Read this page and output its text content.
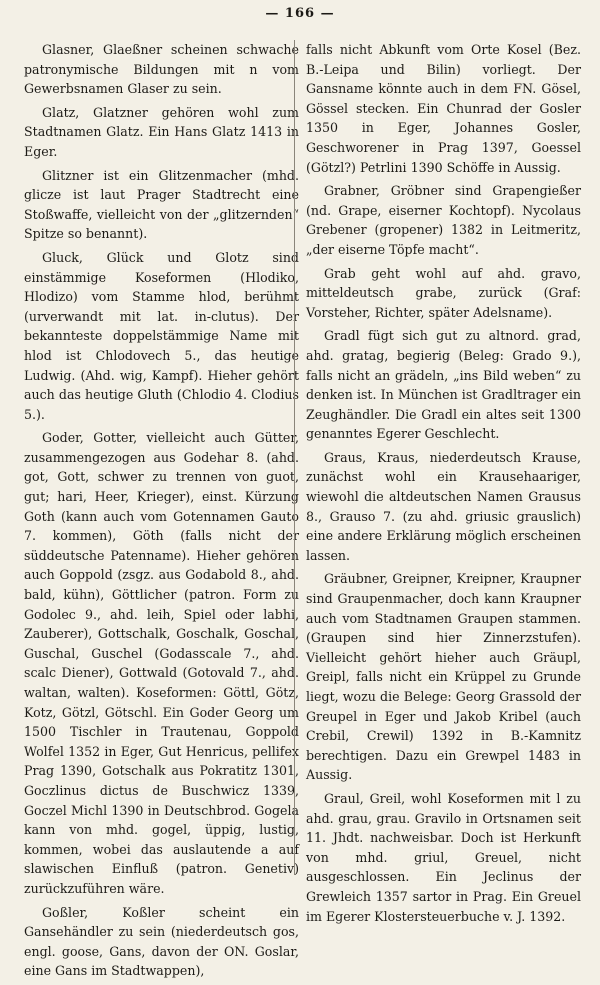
— 166 —

Glasner, Glaeßner scheinen schwache patronymische Bildungen mit n vom Gewerbsnamen Glaser zu sein.

Glatz, Glatzner gehören wohl zum Stadtnamen Glatz. Ein Hans Glatz 1413 in Eger.

Glitzner ist ein Glitzenmacher (mhd. glicze ist laut Prager Stadtrecht eine Stoßwaffe, vielleicht von der „glitzernden“ Spitze so benannt).

Gluck, Glück und Glotz sind einstämmige Koseformen (Hlodiko, Hlodizo) vom Stamme hlod, berühmt (urverwandt mit lat. in-clutus). Der bekannteste doppelstämmige Name mit hlod ist Chlodovech 5., das heutige Ludwig. (Ahd. wig, Kampf). Hieher gehört auch das heutige Gluth (Chlodio 4. Clodius 5.).

Goder, Gotter, vielleicht auch Gütter, zusammengezogen aus Godehar 8. (ahd. got, Gott, schwer zu trennen von guot, gut; hari, Heer, Krieger), einst. Kürzung Goth (kann auch vom Gotennamen Gauto 7. kommen), Göth (falls nicht der süddeutsche Patenname). Hieher gehören auch Goppold (zsgz. aus Godabold 8., ahd. bald, kühn), Göttlicher (patron. Form zu Godolec 9., ahd. leih, Spiel oder labhi, Zauberer), Gottschalk, Goschalk, Goschal, Guschal, Guschel (Godasscale 7., ahd. scalc Diener), Gottwald (Gotovald 7., ahd. waltan, walten). Koseformen: Göttl, Götz, Kotz, Götzl, Götschl. Ein Goder Georg um 1500 Tischler in Trautenau, Goppold Wolfel 1352 in Eger, Gut Henricus, pellifex Prag 1390, Gotschalk aus Pokratitz 1301, Goczlinus dictus de Buschwicz 1339, Goczel Michl 1390 in Deutschbrod. Gogela kann von mhd. gogel, üppig, lustig, kommen, wobei das auslautende a auf slawischen Einfluß (patron. Genetiv) zurückzuführen wäre.

Goßler, Koßler scheint ein Gansehändler zu sein (niederdeutsch gos, engl. goose, Gans, davon der ON. Goslar, eine Gans im Stadtwappen),

falls nicht Abkunft vom Orte Kosel (Bez. B.-Leipa und Bilin) vorliegt. Der Gansname könnte auch in dem FN. Gösel, Gössel stecken. Ein Chunrad der Gosler 1350 in Eger, Johannes Gosler, Geschworener in Prag 1397, Goessel (Götzl?) Petrlini 1390 Schöffe in Aussig.

Grabner, Gröbner sind Grapengießer (nd. Grape, eiserner Kochtopf). Nycolaus Grebener (gropener) 1382 in Leitmeritz, „der eiserne Töpfe macht“.

Grab geht wohl auf ahd. gravo, mitteldeutsch grabe, zurück (Graf: Vorsteher, Richter, später Adelsname).

Gradl fügt sich gut zu altnord. grad, ahd. gratag, begierig (Beleg: Grado 9.), falls nicht an grädeln, „ins Bild weben“ zu denken ist. In München ist Gradltrager ein Zeughändler. Die Gradl ein altes seit 1300 genanntes Egerer Geschlecht.

Graus, Kraus, niederdeutsch Krause, zunächst wohl ein Krausehaariger, wiewohl die altdeutschen Namen Grausus 8., Grauso 7. (zu ahd. griusic grauslich) eine andere Erklärung möglich erscheinen lassen.

Gräubner, Greipner, Kreipner, Kraupner sind Graupenmacher, doch kann Kraupner auch vom Stadtnamen Graupen stammen. (Graupen sind hier Zinnerzstufen). Vielleicht gehört hieher auch Gräupl, Greipl, falls nicht ein Krüppel zu Grunde liegt, wozu die Belege: Georg Grassold der Greupel in Eger und Jakob Kribel (auch Crebil, Crewil) 1392 in B.-Kamnitz berechtigen. Dazu ein Grewpel 1483 in Aussig.

Graul, Greil, wohl Koseformen mit l zu ahd. grau, grau. Gravilo in Ortsnamen seit 11. Jhdt. nachweisbar. Doch ist Herkunft von mhd. griul, Greuel, nicht ausgeschlossen. Ein Jeclinus der Grewleich 1357 sartor in Prag. Ein Greuel im Egerer Klostersteuerbuche v. J. 1392.
